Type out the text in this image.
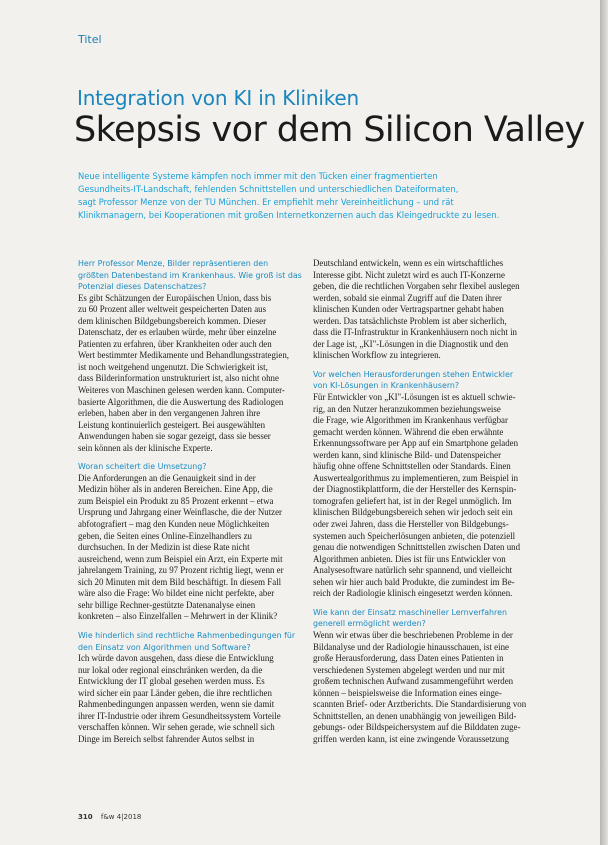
Titel
Integration von KI in Kliniken
Skepsis vor dem Silicon Valley
Neue intelligente Systeme kämpfen noch immer mit den Tücken einer fragmentierten
Gesundheits-IT-Landschaft, fehlenden Schnittstellen und unterschiedlichen Dateiformaten,
sagt Professor Menze von der TU München. Er empfiehlt mehr Vereinheitlichung – und rät
Klinikmanagern, bei Kooperationen mit großen Internetkonzernen auch das Kleingedruckte zu lesen.
Herr Professor Menze, Bilder repräsentieren den
größten Datenbestand im Krankenhaus. Wie groß ist das
Potenzial dieses Datenschatzes?
Es gibt Schätzungen der Europäischen Union, dass bis
zu 60 Prozent aller weltweit gespeicherten Daten aus
dem klinischen Bildgebungsbereich kommen. Dieser
Datenschatz, der es erlauben würde, mehr über einzelne
Patienten zu erfahren, über Krankheiten oder auch den
Wert bestimmter Medikamente und Behandlungsstrategien,
ist noch weitgehend ungenutzt. Die Schwierigkeit ist,
dass Bilderinformation unstrukturiert ist, also nicht ohne
Weiteres von Maschinen gelesen werden kann. Computer-
basierte Algorithmen, die die Auswertung des Radiologen
erleben, haben aber in den vergangenen Jahren ihre
Leistung kontinuierlich gesteigert. Bei ausgewählten
Anwendungen haben sie sogar gezeigt, dass sie besser
sein können als der klinische Experte.
Woran scheitert die Umsetzung?
Die Anforderungen an die Genauigkeit sind in der
Medizin höher als in anderen Bereichen. Eine App, die
zum Beispiel ein Produkt zu 85 Prozent erkennt – etwa
Ursprung und Jahrgang einer Weinflasche, die der Nutzer
abfotografiert – mag den Kunden neue Möglichkeiten
geben, die Seiten eines Online-Einzelhandlers zu
durchsuchen. In der Medizin ist diese Rate nicht
ausreichend, wenn zum Beispiel ein Arzt, ein Experte mit
jahrelangem Training, zu 97 Prozent richtig liegt, wenn er
sich 20 Minuten mit dem Bild beschäftigt. In diesem Fall
wäre also die Frage: Wo bildet eine nicht perfekte, aber
sehr billige Rechner-gestützte Datenanalyse einen
konkreten – also Einzelfallen – Mehrwert in der Klinik?
Wie hinderlich sind rechtliche Rahmenbedingungen für
den Einsatz von Algorithmen und Software?
Ich würde davon ausgehen, dass diese die Entwicklung
nur lokal oder regional einschränken werden, da die
Entwicklung der IT global gesehen werden muss. Es
wird sicher ein paar Länder geben, die ihre rechtlichen
Rahmenbedingungen anpassen werden, wenn sie damit
ihrer IT-Industrie oder ihrem Gesundheitssystem Vorteile
verschaffen können. Wir sehen gerade, wie schnell sich
Dinge im Bereich selbst fahrender Autos selbst in
Deutschland entwickeln, wenn es ein wirtschaftliches
Interesse gibt. Nicht zuletzt wird es auch IT-Konzerne
geben, die die rechtlichen Vorgaben sehr flexibel auslegen
werden, sobald sie einmal Zugriff auf die Daten ihrer
klinischen Kunden oder Vertragspartner gehabt haben
werden. Das tatsächlichste Problem ist aber sicherlich,
dass die IT-Infrastruktur in Krankenhäusern noch nicht in
der Lage ist, „KI"-Lösungen in die Diagnostik und den
klinischen Workflow zu integrieren.
Vor welchen Herausforderungen stehen Entwickler
von KI-Lösungen in Krankenhäusern?
Für Entwickler von „KI"-Lösungen ist es aktuell schwie-
rig, an den Nutzer heranzukommen beziehungsweise
die Frage, wie Algorithmen im Krankenhaus verfügbar
gemacht werden können. Während die eben erwähnte
Erkennungssoftware per App auf ein Smartphone geladen
werden kann, sind klinische Bild- und Datenspeicher
häufig ohne offene Schnittstellen oder Standards. Einen
Auswertealgorithmus zu implementieren, zum Beispiel in
der Diagnostikplattform, die der Hersteller des Kernspin-
tomografen geliefert hat, ist in der Regel unmöglich. Im
klinischen Bildgebungsbereich sehen wir jedoch seit ein
oder zwei Jahren, dass die Hersteller von Bildgebungs-
systemen auch Speicherlösungen anbieten, die potenziell
genau die notwendigen Schnittstellen zwischen Daten und
Algorithmen anbieten. Dies ist für uns Entwickler von
Analysesoftware natürlich sehr spannend, und vielleicht
sehen wir hier auch bald Produkte, die zumindest im Be-
reich der Radiologie klinisch eingesetzt werden können.
Wie kann der Einsatz maschineller Lernverfahren
generell ermöglicht werden?
Wenn wir etwas über die beschriebenen Probleme in der
Bildanalyse und der Radiologie hinausschauen, ist eine
große Herausforderung, dass Daten eines Patienten in
verschiedenen Systemen abgelegt werden und nur mit
großem technischen Aufwand zusammengeführt werden
können – beispielsweise die Information eines einge-
scannten Brief- oder Arztberichts. Die Standardisierung von
Schnittstellen, an denen unabhängig von jeweiligen Bild-
gebungs- oder Bildspeichersystem auf die Bilddaten zuge-
griffen werden kann, ist eine zwingende Voraussetzung
310 f&w 4|2018
